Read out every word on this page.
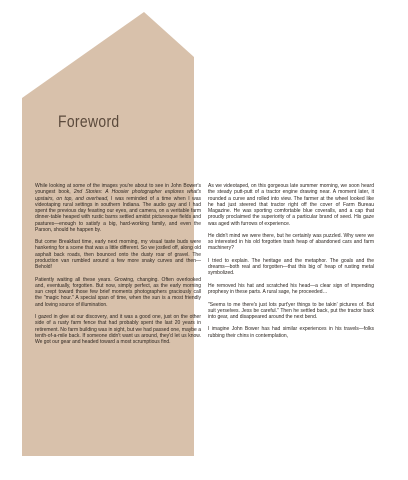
Foreword

While looking at some of the images you're about to see in John Bower's youngest book, 2nd Stories: A Hoosier photographer explores what's upstairs, on top, and overhead, I was reminded of a time when I was videotaping rural settings in southern Indiana. The audio guy and I had spent the previous day feasting our eyes, and camera, on a veritable farm dinner-table heaped with rustic barns settled amidst picturesque fields and pastures—enough to satisfy a big, hard-working family, and even the Parson, should he happen by.

But come Breakfast time, early next morning, my visual taste buds were hankering for a scene that was a little different. So we jostled off, along old asphalt back roads, then bounced onto the dusty roar of gravel. The production van rumbled around a few more snaky curves and then—Behold!

Patiently waiting all these years. Growing, changing. Often overlooked and, eventually, forgotten. But now, simply perfect, as the early morning sun crept toward those few brief moments photographers graciously call the "magic hour." A special span of time, when the sun is a most friendly and loving source of illumination.

I gazed in glee at our discovery, and it was a good one, just on the other side of a rusty farm fence that had probably spent the last 20 years in retirement. No farm building was in sight, but we had passed one, maybe a tenth-of-a-mile back. If someone didn't want us around, they'd let us know. We got our gear and headed toward a most scrumptious find.

As we videotaped, on this gorgeous late summer morning, we soon heard the steady putt-putt of a tractor engine drawing near. A moment later, it rounded a curve and rolled into view. The farmer at the wheel looked like he had just steered that tractor right off the cover of Farm Bureau Magazine. He was sporting comfortable blue coveralls, and a cap that proudly proclaimed the superiority of a particular brand of seed. His gaze was aged with furrows of experience.

He didn't mind we were there, but he certainly was puzzled. Why were we so interested in his old forgotten trash heap of abandoned cars and farm machinery?

I tried to explain. The heritage and the metaphor. The goals and the dreams—both real and forgotten—that this big ol' heap of rusting metal symbolized.

He removed his hat and scratched his head—a clear sign of impending prophesy in these parts. A rural sage, he proceeded…

"Seems to me there's just lots purt'yer things to be takin' pictures of. But suit yerselves. Jess be careful." Then he settled back, put the tractor back into gear, and disappeared around the next bend.

I imagine John Bower has had similar experiences in his travels—folks rubbing their chins in contemplation,
